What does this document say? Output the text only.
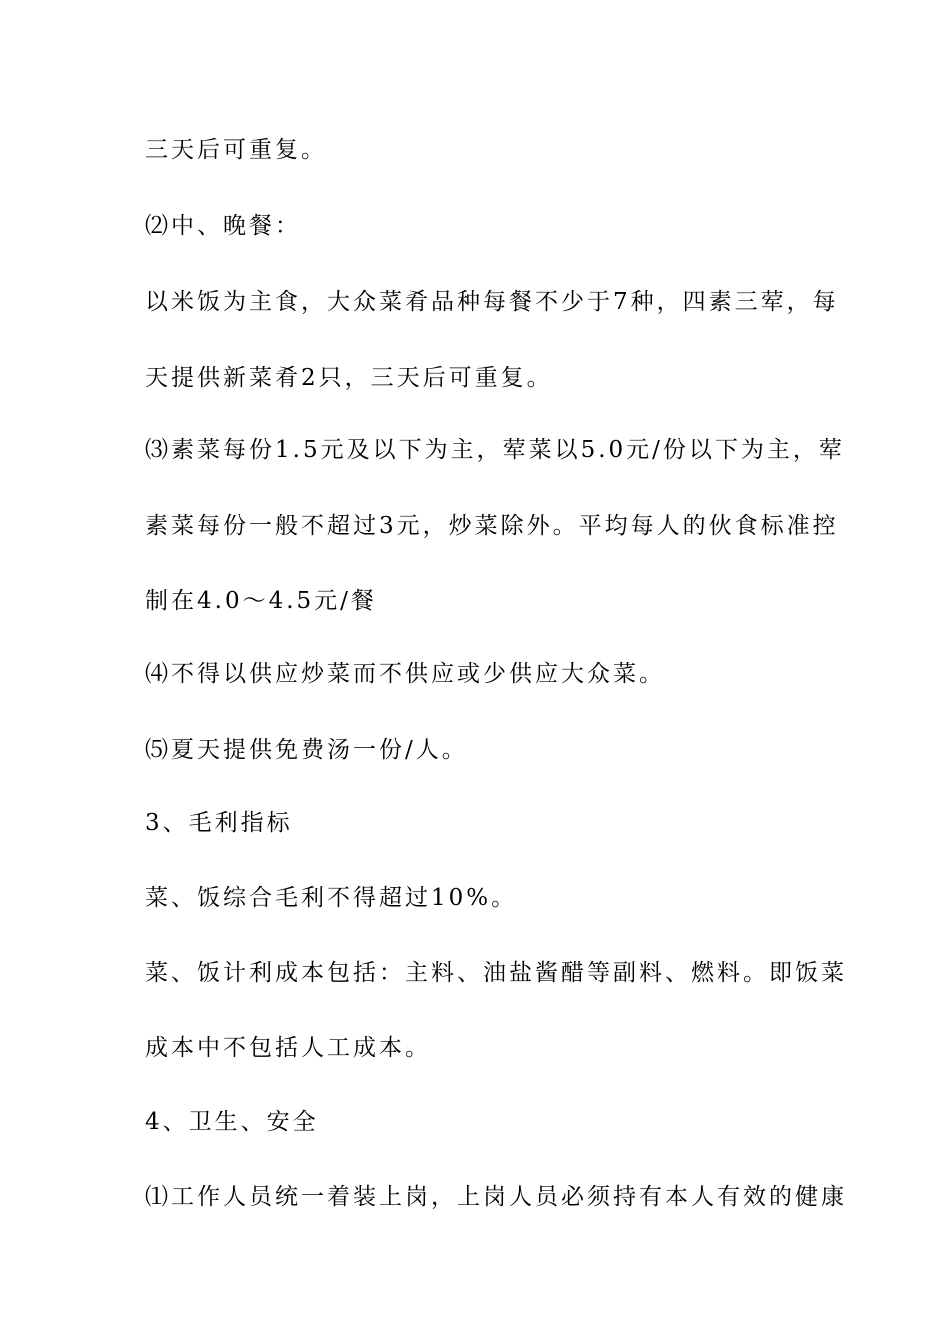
三天后可重复。
⑵中、晚餐：
以米饭为主食，大众菜肴品种每餐不少于7种，四素三荤，每
天提供新菜肴2只，三天后可重复。
⑶素菜每份1.5元及以下为主，荤菜以5.0元/份以下为主，荤
素菜每份一般不超过3元，炒菜除外。平均每人的伙食标准控
制在4.0～4.5元/餐
⑷不得以供应炒菜而不供应或少供应大众菜。
⑸夏天提供免费汤一份/人。
3、毛利指标
菜、饭综合毛利不得超过10%。
菜、饭计利成本包括：主料、油盐酱醋等副料、燃料。即饭菜
成本中不包括人工成本。
4、卫生、安全
⑴工作人员统一着装上岗，上岗人员必须持有本人有效的健康
